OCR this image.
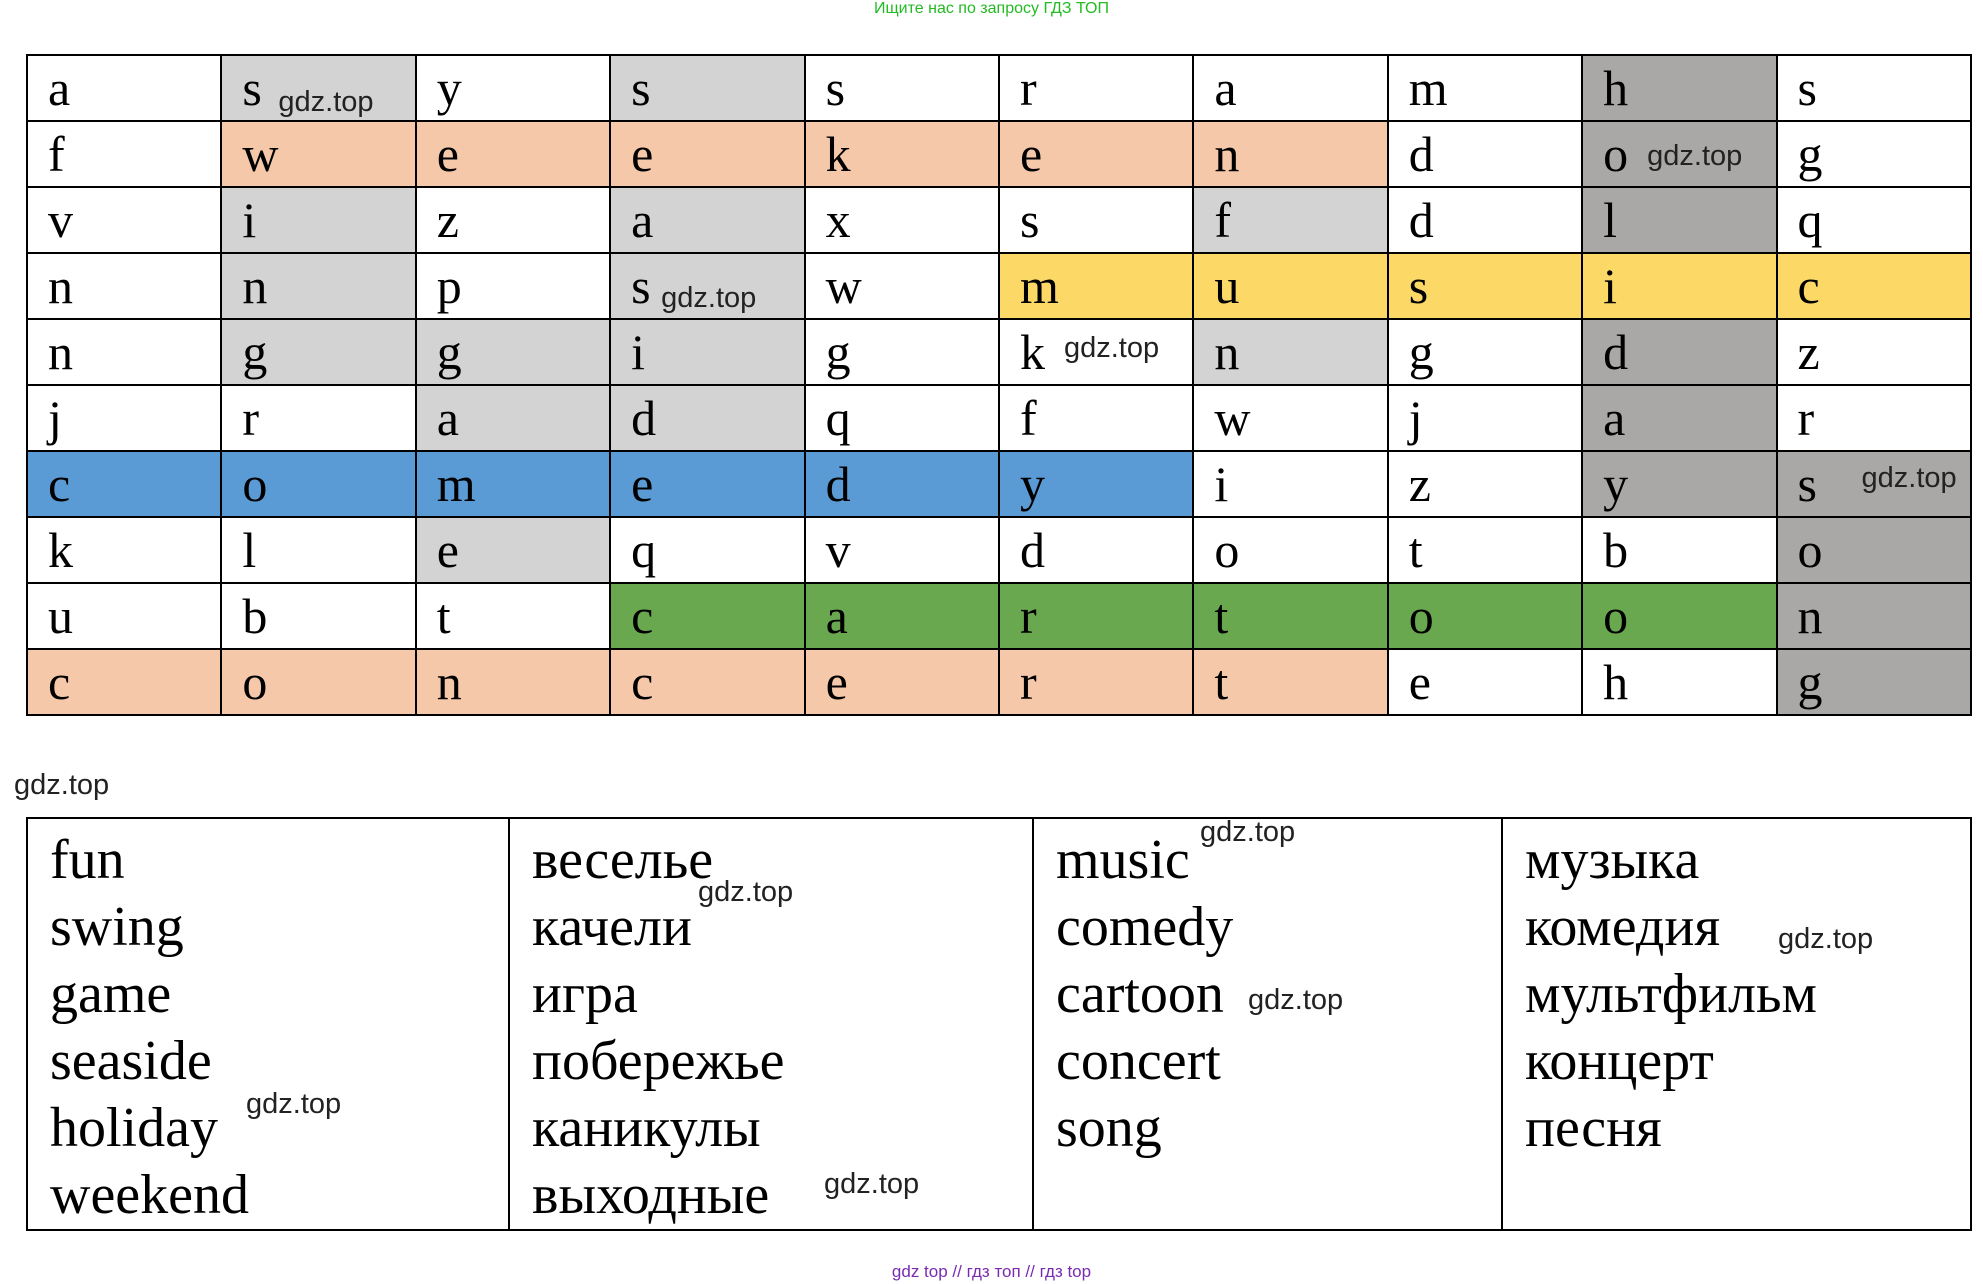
Ищите нас по запросу ГДЗ ТОП
a	s gdz.top	y	s	s	r	a	m	h	s
f	w	e	e	k	e	n	d	o gdz.top	g
v	i	z	a	x	s	f	d	l	q
n	n	p	s gdz.top	w	m	u	s	i	c
n	g	g	i	g	k gdz.top	n	g	d	z
j	r	a	d	q	f	w	j	a	r
c	o	m	e	d	y	i	z	y	s gdz.top

k	l	e	q	v	d	o	t	b	o
u	b	t	c	a	r	t	o	o	n
c	o	n	c	e	r	t	e	h	g
gdz.top
fun
swing
game
seaside
holiday
weekend

веселье
качели
игра
побережье
каникулы
выходные

music
comedy
cartoon
concert
song

музыка
комедия
мультфильм
концерт
песня
gdz.top
gdz.top
gdz.top
gdz.top
gdz.top
gdz.top
gdz top // гдз топ // гдз top
